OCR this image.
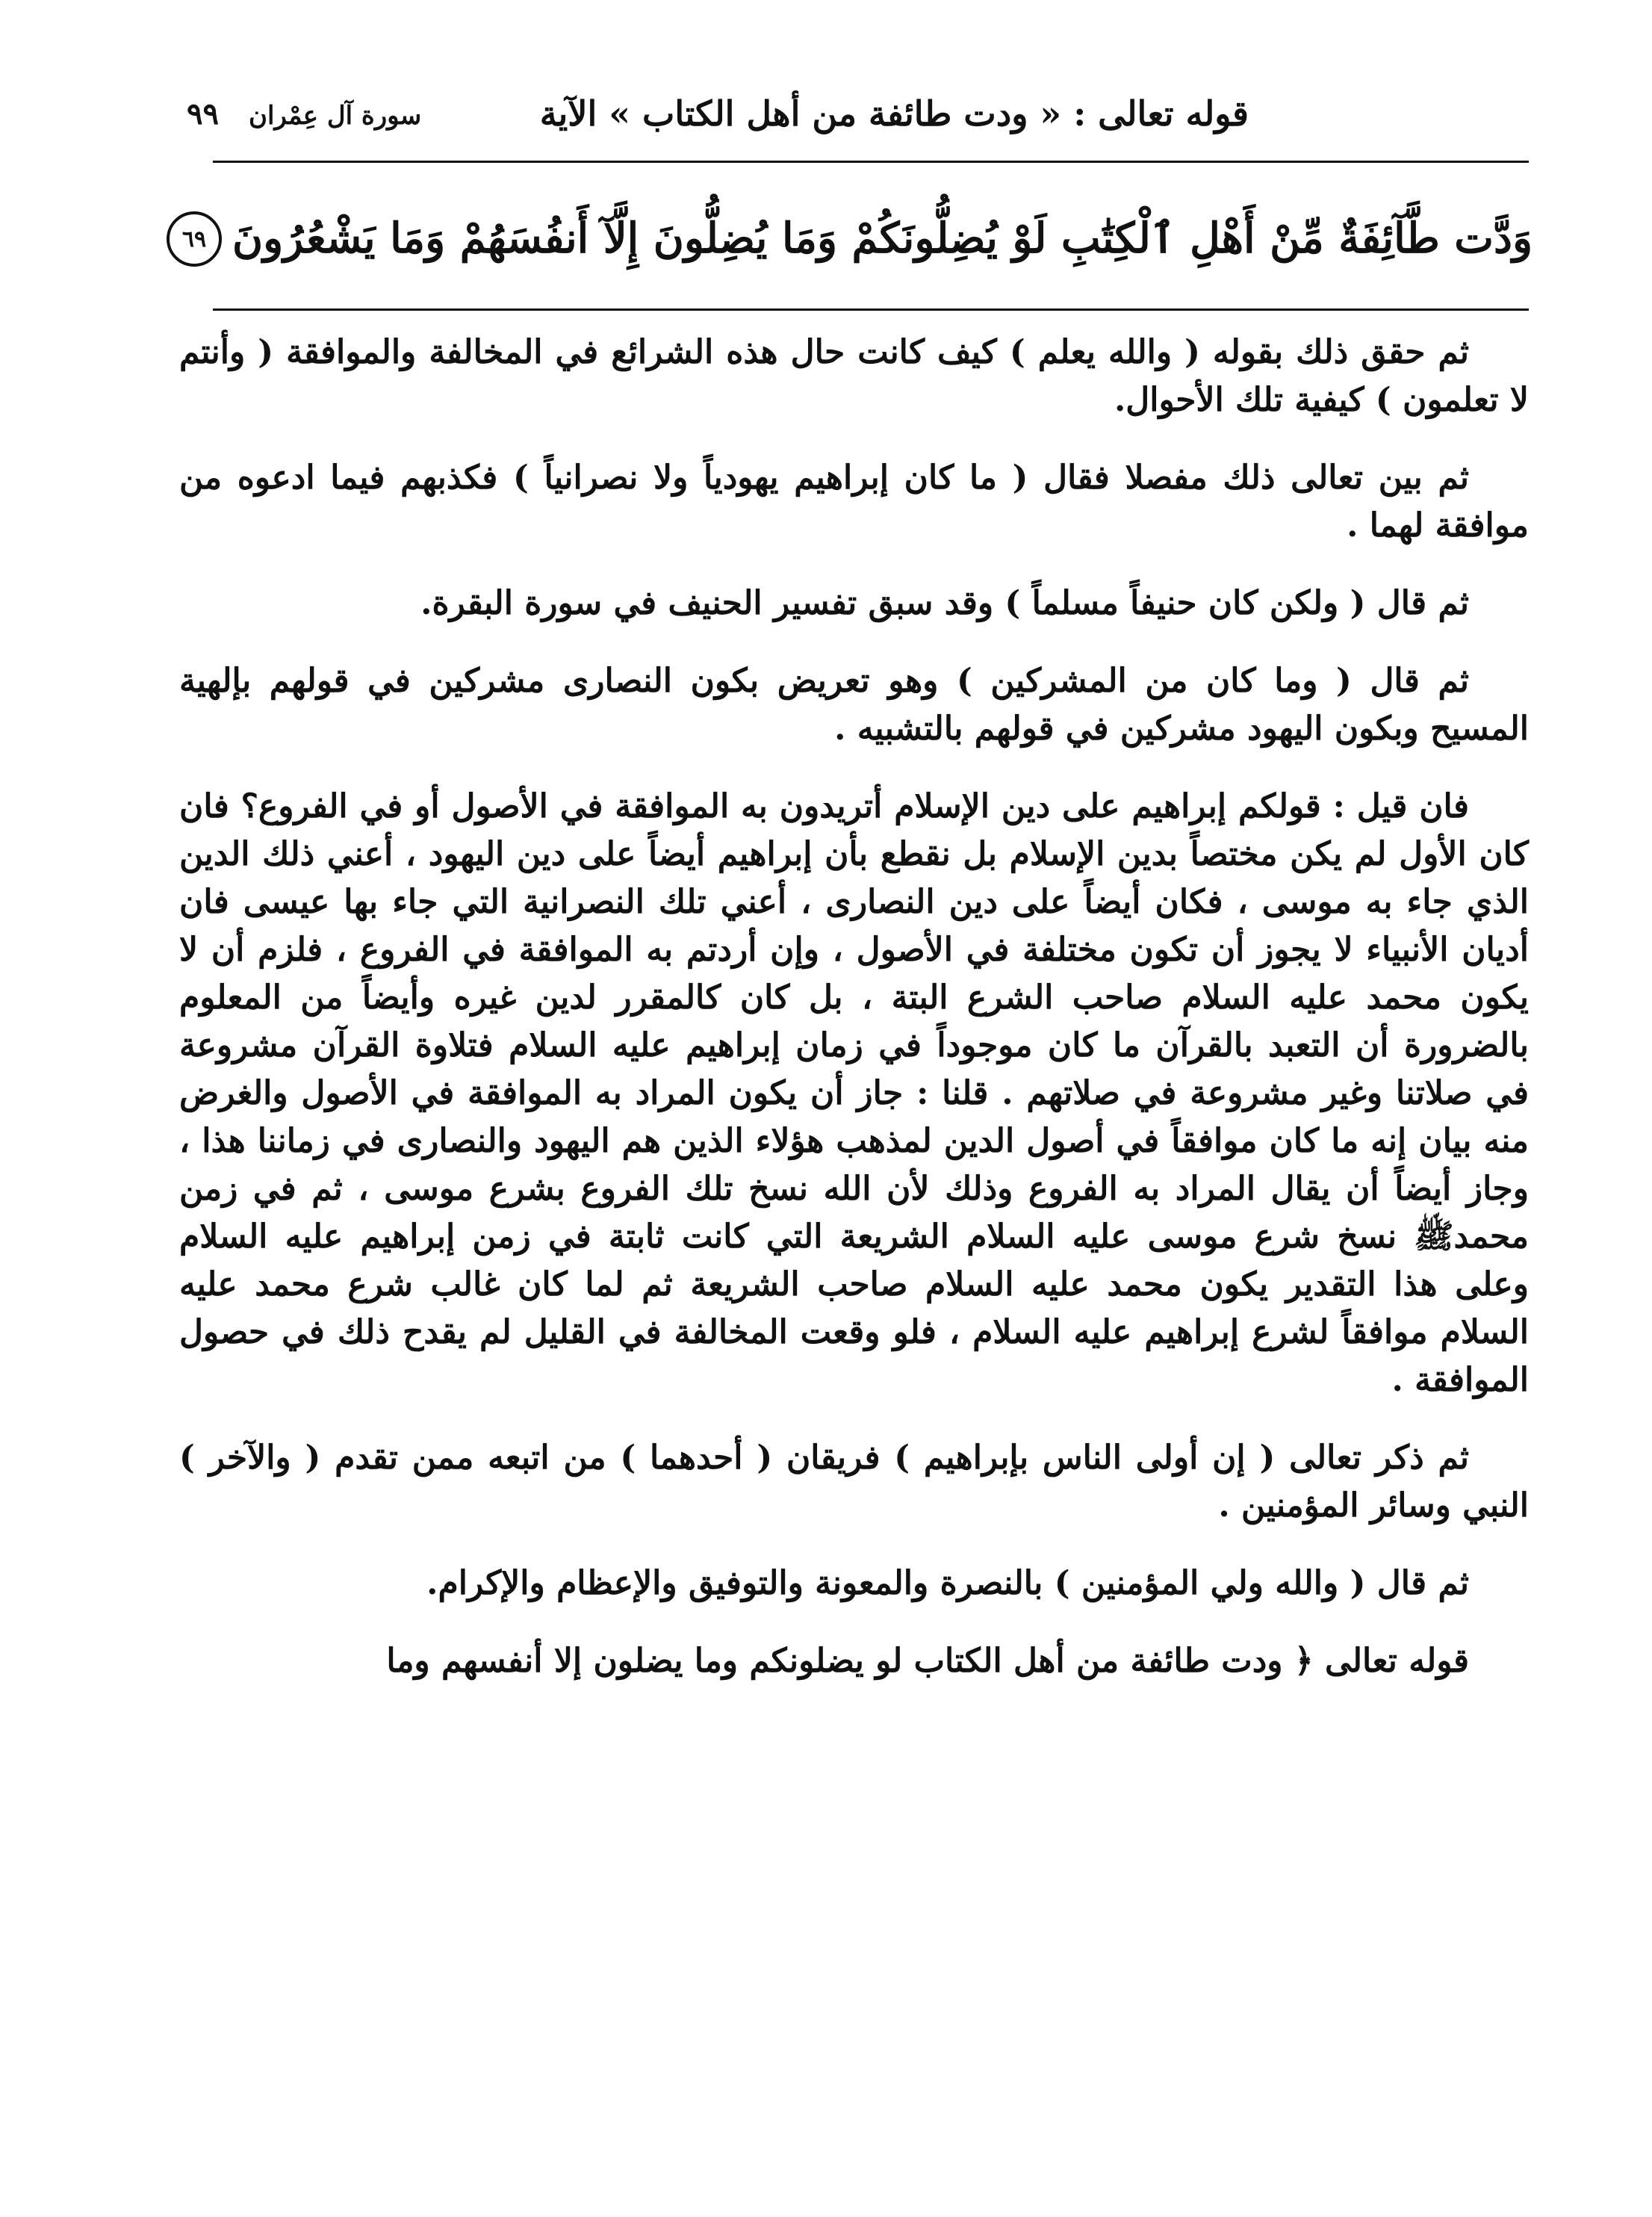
قوله تعالى : « ودت طائفة من أهل الكتاب » الآية
سورة آل عِمْران
٩٩
وَدَّت طَّآئِفَةٌ مِّنْ أَهْلِ ٱلْكِتَٰبِ لَوْ يُضِلُّونَكُمْ وَمَا يُضِلُّونَ إِلَّآ أَنفُسَهُمْ وَمَا يَشْعُرُونَ
٦٩

ثم حقق ذلك بقوله ( والله يعلم ) كيف كانت حال هذه الشرائع في المخالفة والموافقة ( وأنتم لا تعلمون ) كيفية تلك الأحوال.

ثم بين تعالى ذلك مفصلا فقال ( ما كان إبراهيم يهودياً ولا نصرانياً ) فكذبهم فيما ادعوه من موافقة لهما .

ثم قال ( ولكن كان حنيفاً مسلماً ) وقد سبق تفسير الحنيف في سورة البقرة.

ثم قال ( وما كان من المشركين ) وهو تعريض بكون النصارى مشركين في قولهم بإلهية المسيح وبكون اليهود مشركين في قولهم بالتشبيه .

فان قيل : قولكم إبراهيم على دين الإسلام أتريدون به الموافقة في الأصول أو في الفروع؟ فان كان الأول لم يكن مختصاً بدين الإسلام بل نقطع بأن إبراهيم أيضاً على دين اليهود ، أعني ذلك الدين الذي جاء به موسى ، فكان أيضاً على دين النصارى ، أعني تلك النصرانية التي جاء بها عيسى فان أديان الأنبياء لا يجوز أن تكون مختلفة في الأصول ، وإن أردتم به الموافقة في الفروع ، فلزم أن لا يكون محمد عليه السلام صاحب الشرع البتة ، بل كان كالمقرر لدين غيره وأيضاً من المعلوم بالضرورة أن التعبد بالقرآن ما كان موجوداً في زمان إبراهيم عليه السلام فتلاوة القرآن مشروعة في صلاتنا وغير مشروعة في صلاتهم . قلنا : جاز أن يكون المراد به الموافقة في الأصول والغرض منه بيان إنه ما كان موافقاً في أصول الدين لمذهب هؤلاء الذين هم اليهود والنصارى في زماننا هذا ، وجاز أيضاً أن يقال المراد به الفروع وذلك لأن الله نسخ تلك الفروع بشرع موسى ، ثم في زمن محمدﷺ نسخ شرع موسى عليه السلام الشريعة التي كانت ثابتة في زمن إبراهيم عليه السلام وعلى هذا التقدير يكون محمد عليه السلام صاحب الشريعة ثم لما كان غالب شرع محمد عليه السلام موافقاً لشرع إبراهيم عليه السلام ، فلو وقعت المخالفة في القليل لم يقدح ذلك في حصول الموافقة .

ثم ذكر تعالى ( إن أولى الناس بإبراهيم ) فريقان ( أحدهما ) من اتبعه ممن تقدم ( والآخر ) النبي وسائر المؤمنين .

ثم قال ( والله ولي المؤمنين ) بالنصرة والمعونة والتوفيق والإعظام والإكرام.

قوله تعالى ﴿ ودت طائفة من أهل الكتاب لو يضلونكم وما يضلون إلا أنفسهم وما
